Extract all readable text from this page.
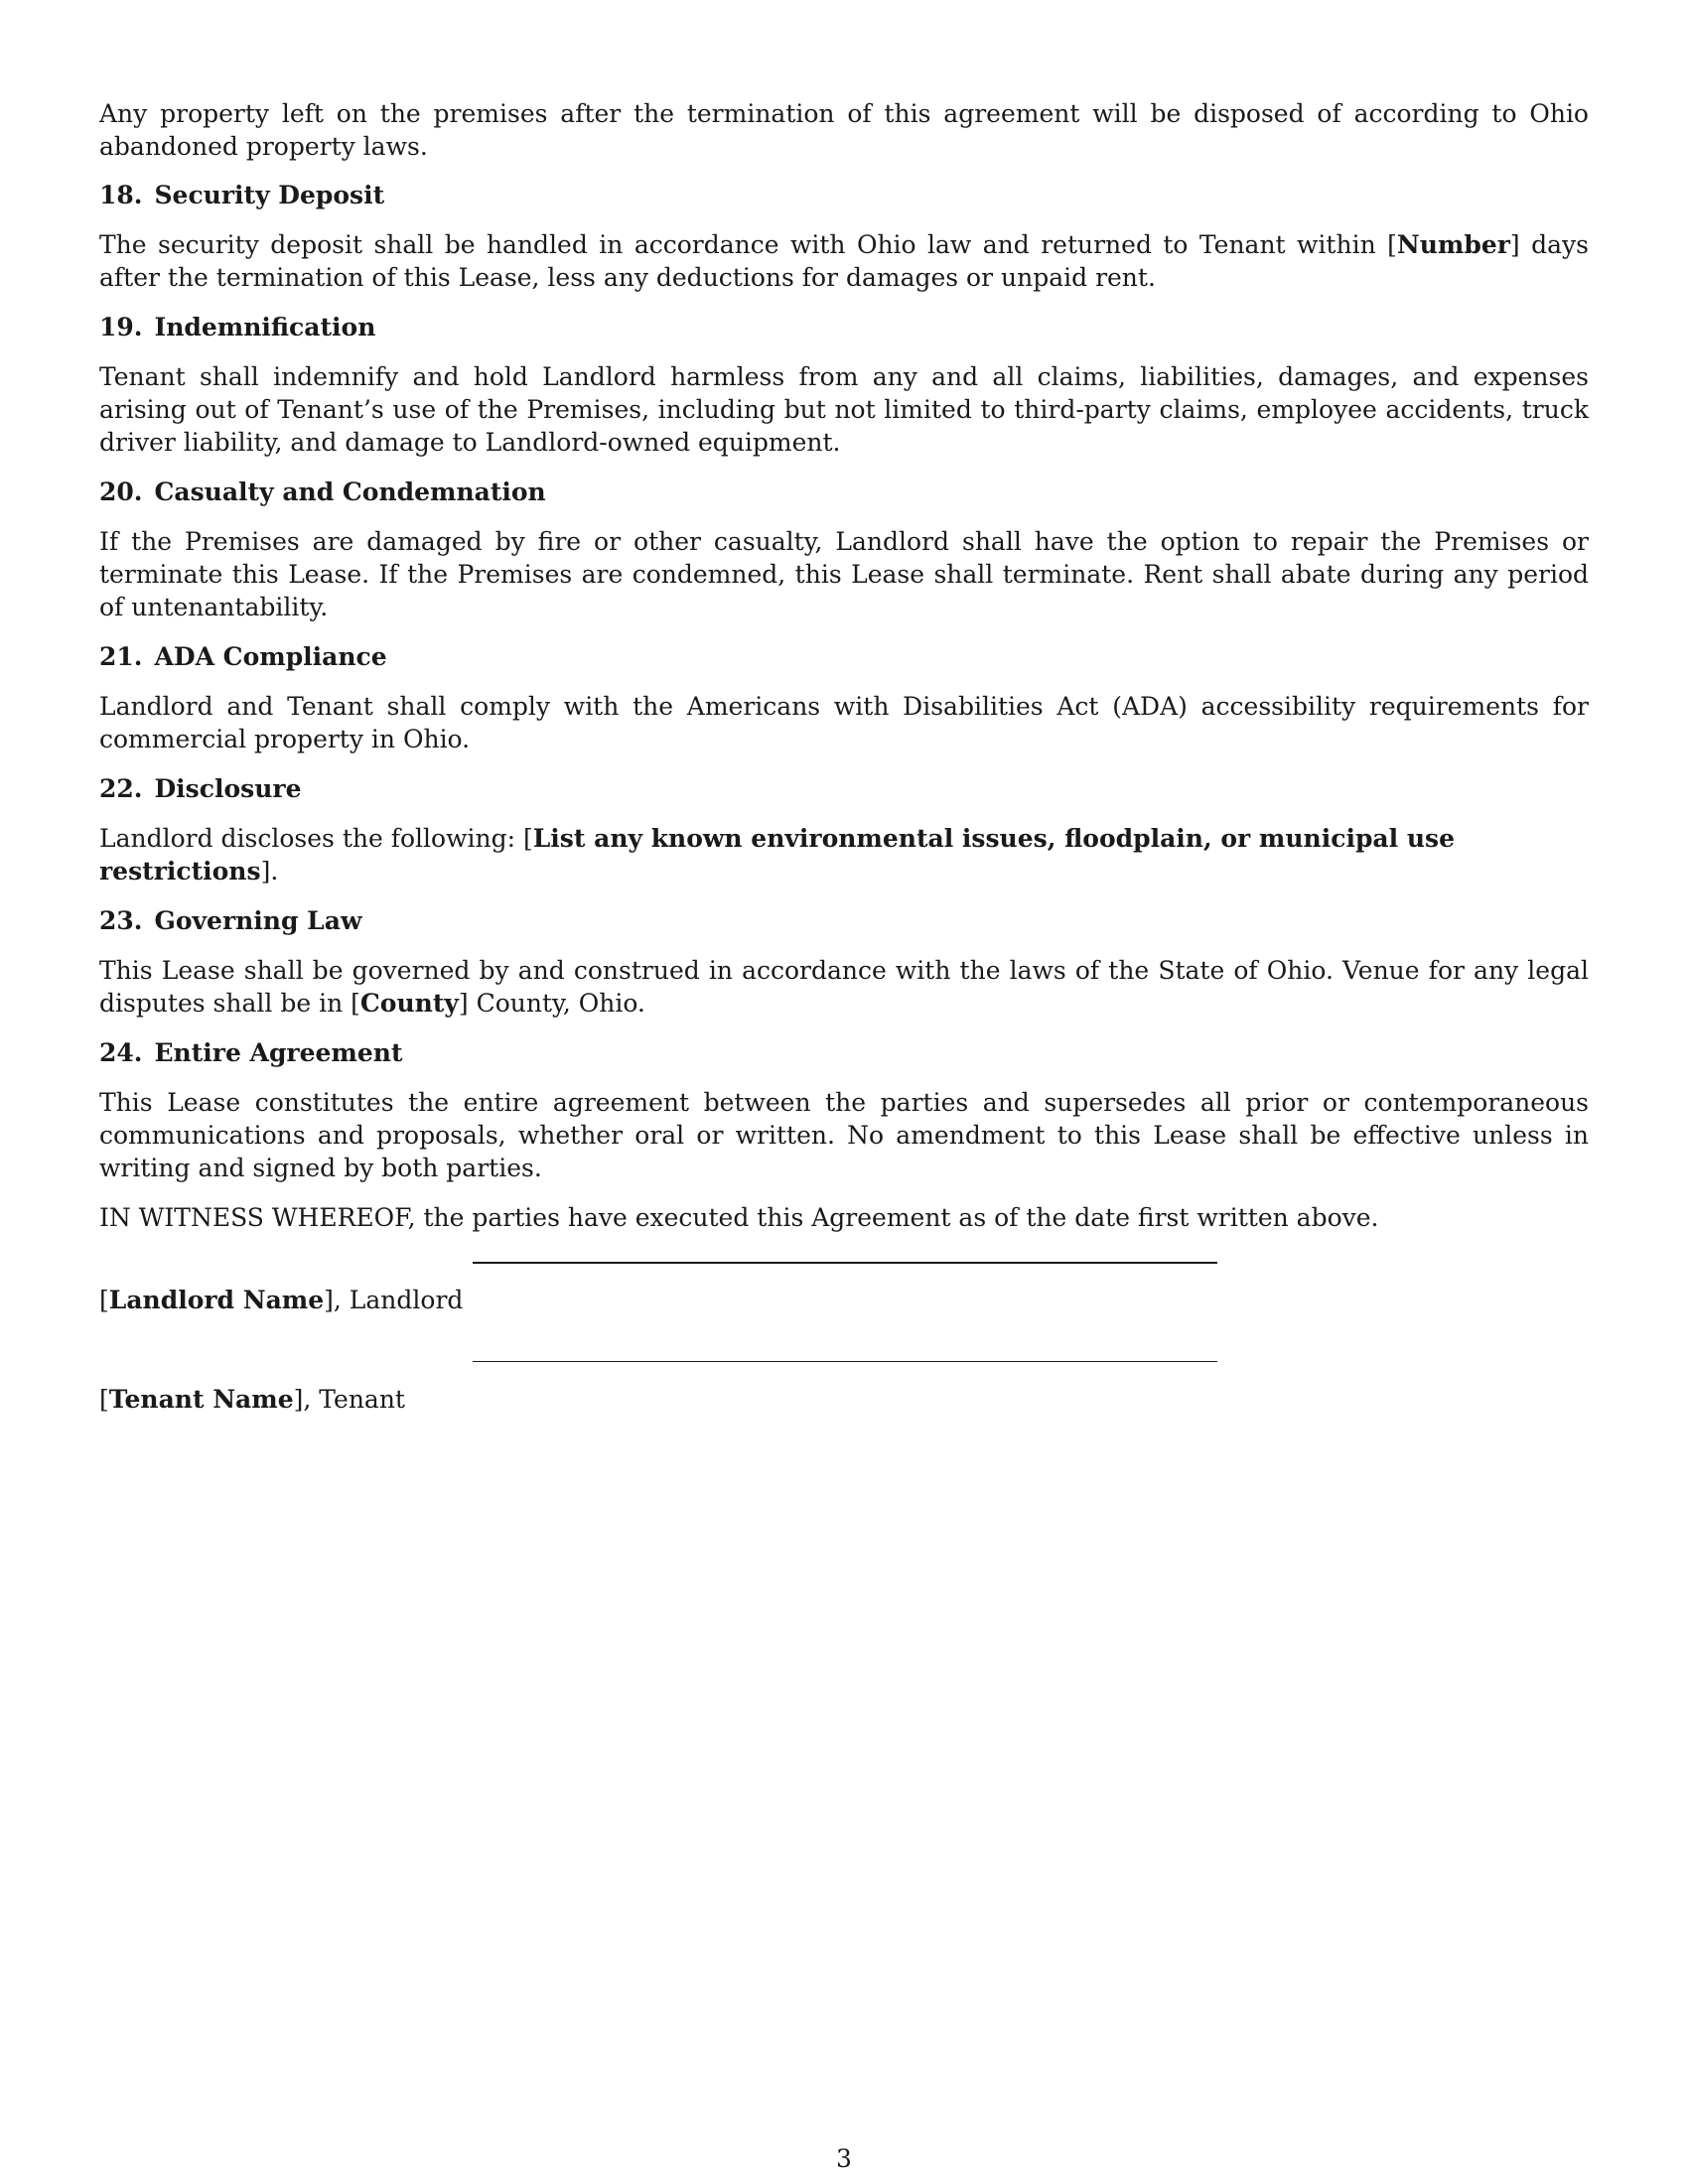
Any property left on the premises after the termination of this agreement will be disposed of according to Ohio abandoned property laws.

18. Security Deposit

The security deposit shall be handled in accordance with Ohio law and returned to Tenant within [Number] days after the termination of this Lease, less any deductions for damages or unpaid rent.

19. Indemnification

Tenant shall indemnify and hold Landlord harmless from any and all claims, liabilities, damages, and expenses arising out of Tenant’s use of the Premises, including but not limited to third-party claims, employee accidents, truck driver liability, and damage to Landlord-owned equipment.

20. Casualty and Condemnation

If the Premises are damaged by fire or other casualty, Landlord shall have the option to repair the Premises or terminate this Lease. If the Premises are condemned, this Lease shall terminate. Rent shall abate during any period of untenantability.

21. ADA Compliance

Landlord and Tenant shall comply with the Americans with Disabilities Act (ADA) accessibility requirements for commercial property in Ohio.

22. Disclosure

Landlord discloses the following: [List any known environmental issues, floodplain, or municipal use restrictions].

23. Governing Law

This Lease shall be governed by and construed in accordance with the laws of the State of Ohio. Venue for any legal disputes shall be in [County] County, Ohio.

24. Entire Agreement

This Lease constitutes the entire agreement between the parties and supersedes all prior or contemporaneous communications and proposals, whether oral or written. No amendment to this Lease shall be effective unless in writing and signed by both parties.

IN WITNESS WHEREOF, the parties have executed this Agreement as of the date first written above.

[Landlord Name], Landlord
[Tenant Name], Tenant
3
